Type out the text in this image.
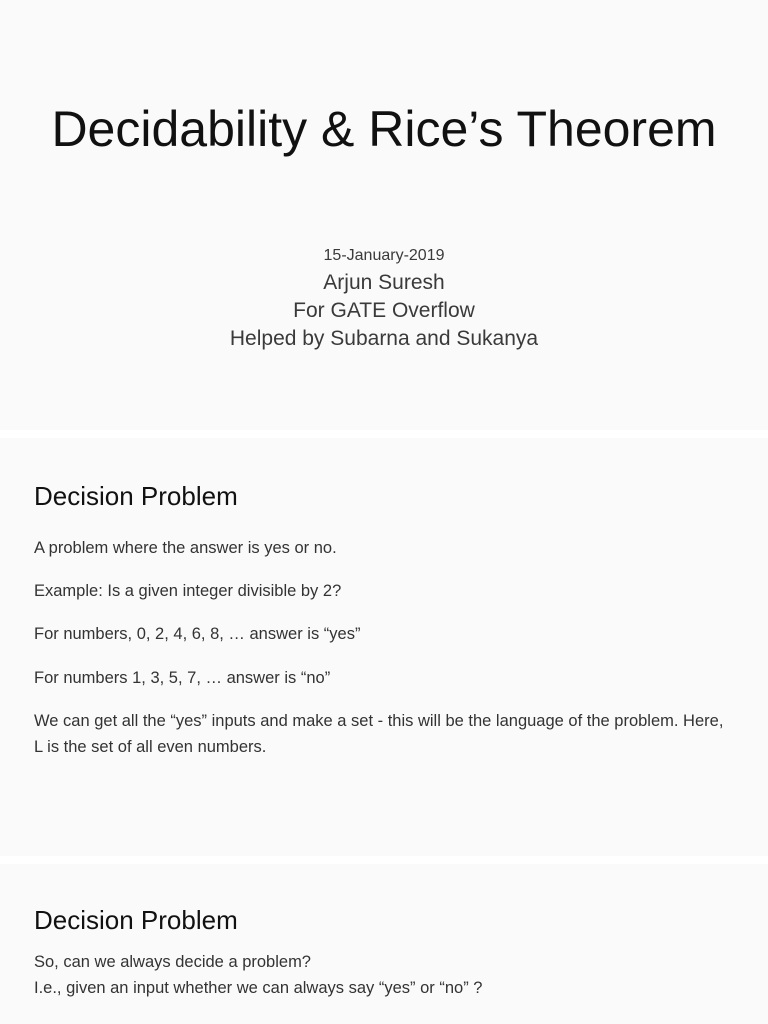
Decidability & Rice’s Theorem
15-January-2019
Arjun Suresh
For GATE Overflow
Helped by Subarna and Sukanya
Decision Problem
A problem where the answer is yes or no.
Example: Is a given integer divisible by 2?
For numbers, 0, 2, 4, 6, 8, … answer is “yes”
For numbers 1, 3, 5, 7, … answer is “no”
We can get all the “yes” inputs and make a set - this will be the language of the problem. Here, L is the set of all even numbers.
Decision Problem
So, can we always decide a problem?
I.e., given an input whether we can always say “yes” or “no” ?
